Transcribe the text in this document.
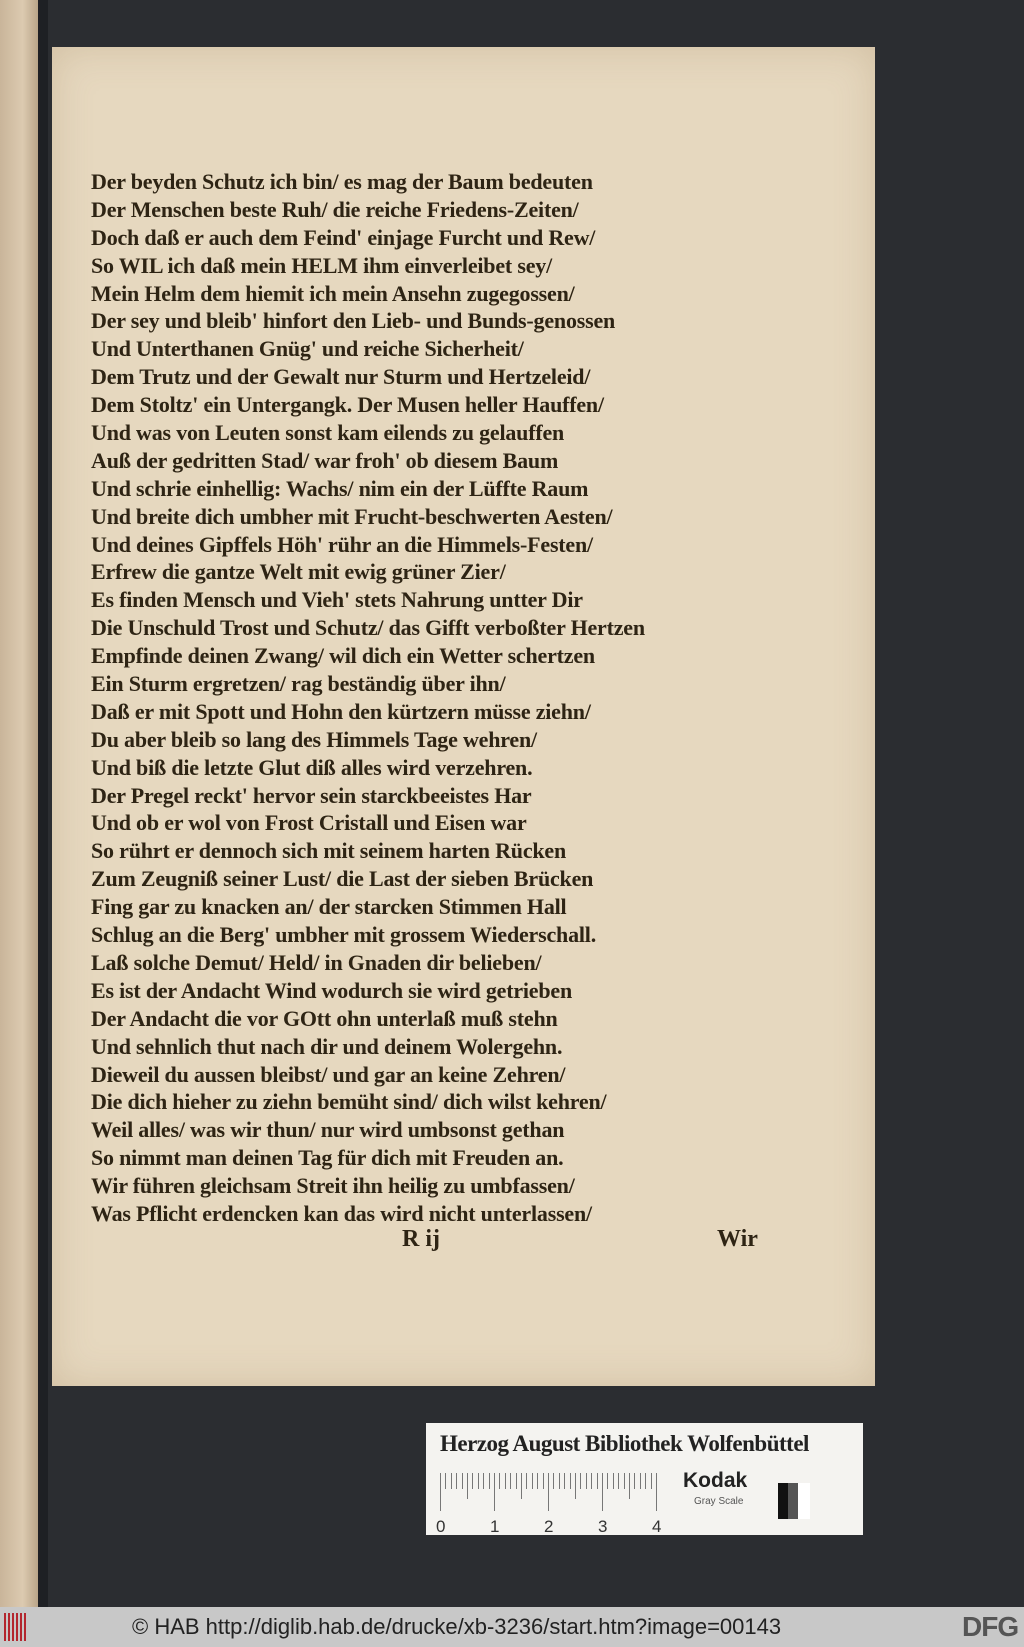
Der beyden Schutz ich bin/ es mag der Baum bedeuten
Der Menschen beste Ruh/ die reiche Friedens-Zeiten/
Doch daß er auch dem Feind' einjage Furcht und Rew/
So WIL ich daß mein HELM ihm einverleibet sey/
Mein Helm dem hiemit ich mein Ansehn zugegossen/
Der sey und bleib' hinfort den Lieb- und Bunds-genossen
Und Unterthanen Gnüg' und reiche Sicherheit/
Dem Trutz und der Gewalt nur Sturm und Hertzeleid/
Dem Stoltz' ein Untergangk. Der Musen heller Hauffen/
Und was von Leuten sonst kam eilends zu gelauffen
Auß der gedritten Stad/ war froh' ob diesem Baum
Und schrie einhellig: Wachs/ nim ein der Lüffte Raum
Und breite dich umbher mit Frucht-beschwerten Aesten/
Und deines Gipffels Höh' rühr an die Himmels-Festen/
Erfrew die gantze Welt mit ewig grüner Zier/
Es finden Mensch und Vieh' stets Nahrung untter Dir
Die Unschuld Trost und Schutz/ das Gifft verboßter Hertzen
Empfinde deinen Zwang/ wil dich ein Wetter schertzen
Ein Sturm ergretzen/ rag beständig über ihn/
Daß er mit Spott und Hohn den kürtzern müsse ziehn/
Du aber bleib so lang des Himmels Tage wehren/
Und biß die letzte Glut diß alles wird verzehren.
Der Pregel reckt' hervor sein starckbeeistes Har
Und ob er wol von Frost Cristall und Eisen war
So rührt er dennoch sich mit seinem harten Rücken
Zum Zeugniß seiner Lust/ die Last der sieben Brücken
Fing gar zu knacken an/ der starcken Stimmen Hall
Schlug an die Berg' umbher mit grossem Wiederschall.
Laß solche Demut/ Held/ in Gnaden dir belieben/
Es ist der Andacht Wind wodurch sie wird getrieben
Der Andacht die vor GOtt ohn unterlaß muß stehn
Und sehnlich thut nach dir und deinem Wolergehn.
Dieweil du aussen bleibst/ und gar an keine Zehren/
Die dich hieher zu ziehn bemüht sind/ dich wilst kehren/
Weil alles/ was wir thun/ nur wird umbsonst gethan
So nimmt man deinen Tag für dich mit Freuden an.
Wir führen gleichsam Streit ihn heilig zu umbfassen/
Was Pflicht erdencken kan das wird nicht unterlassen/
R ij	Wir
Herzog August Bibliothek Wolfenbüttel
0	1	2	3	4
Kodak
Gray Scale
© HAB http://diglib.hab.de/drucke/xb-3236/start.htm?image=00143	DFG
